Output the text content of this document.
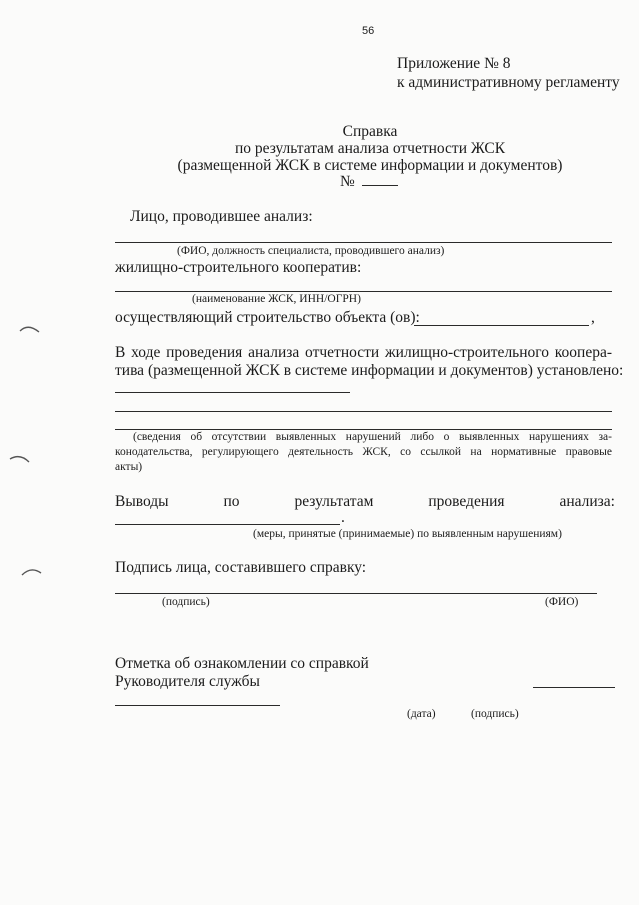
56
Приложение № 8
к административному регламенту
Справка
по результатам анализа отчетности ЖСК
(размещенной ЖСК в системе информации и документов)
№
Лицо, проводившее анализ:
(ФИО, должность специалиста, проводившего анализ)
жилищно-строительного кооператив:
(наименование ЖСК, ИНН/ОГРН)
осуществляющий строительство объекта (ов):	,
В ходе проведения анализа отчетности жилищно-строительного коопера-
тива (размещенной ЖСК в системе информации и документов) установлено:
(сведения об отсутствии выявленных нарушений либо о выявленных нарушениях за-
конодательства, регулирующего деятельность ЖСК, со ссылкой на нормативные правовые
акты)
Выводы по результатам проведения анализа:
.
(меры, принятые (принимаемые) по выявленным нарушениям)
Подпись лица, составившего справку:
(подпись)	(ФИО)
Отметка об ознакомлении со справкой
Руководителя службы
(дата)	(подпись)
